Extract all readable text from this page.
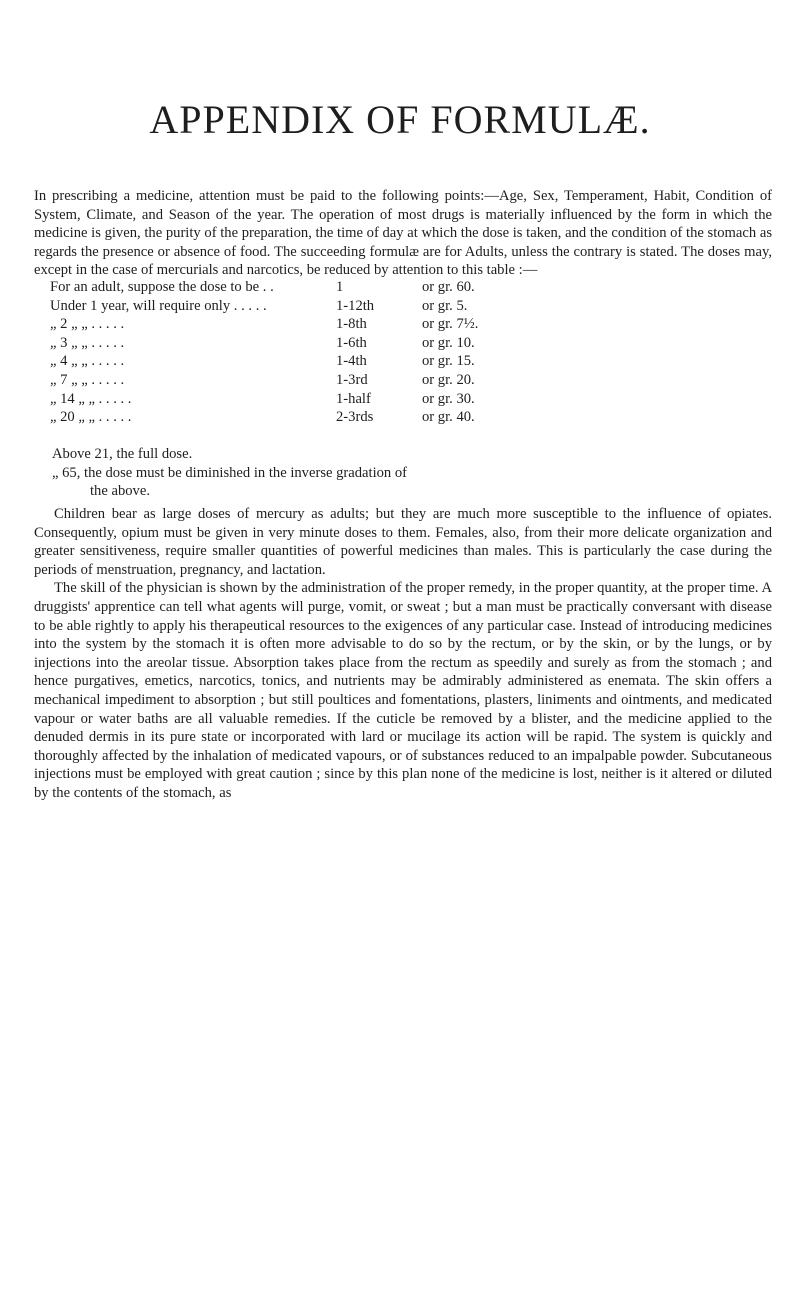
APPENDIX OF FORMULÆ.

In prescribing a medicine, attention must be paid to the following points:—Age, Sex, Temperament, Habit, Condition of System, Climate, and Season of the year. The operation of most drugs is materially influenced by the form in which the medicine is given, the purity of the preparation, the time of day at which the dose is taken, and the condition of the stomach as regards the presence or absence of food. The succeeding formulæ are for Adults, unless the contrary is stated. The doses may, except in the case of mercurials and narcotics, be reduced by attention to this table :—

For an adult, suppose the dose to be . .	1	or gr. 60.
Under 1 year, will require only . . . . .	1-12th	or gr. 5.
„ 2 „ „ . . . . .	1-8th	or gr. 7½.
„ 3 „ „ . . . . .	1-6th	or gr. 10.
„ 4 „ „ . . . . .	1-4th	or gr. 15.
„ 7 „ „ . . . . .	1-3rd	or gr. 20.
„ 14 „ „ . . . . .	1-half	or gr. 30.
„ 20 „ „ . . . . .	2-3rds	or gr. 40.

Above 21, the full dose.

„ 65, the dose must be diminished in the inverse gradation of

the above.

Children bear as large doses of mercury as adults; but they are much more susceptible to the influence of opiates. Consequently, opium must be given in very minute doses to them. Females, also, from their more delicate organization and greater sensitiveness, require smaller quantities of powerful medicines than males. This is particularly the case during the periods of menstruation, pregnancy, and lactation.

The skill of the physician is shown by the administration of the proper remedy, in the proper quantity, at the proper time. A druggists' apprentice can tell what agents will purge, vomit, or sweat ; but a man must be practically conversant with disease to be able rightly to apply his therapeutical resources to the exigences of any particular case. Instead of introducing medicines into the system by the stomach it is often more advisable to do so by the rectum, or by the skin, or by the lungs, or by injections into the areolar tissue. Absorption takes place from the rectum as speedily and surely as from the stomach ; and hence purgatives, emetics, narcotics, tonics, and nutrients may be admirably administered as enemata. The skin offers a mechanical impediment to absorption ; but still poultices and fomentations, plasters, liniments and ointments, and medicated vapour or water baths are all valuable remedies. If the cuticle be removed by a blister, and the medicine applied to the denuded dermis in its pure state or incorporated with lard or mucilage its action will be rapid. The system is quickly and thoroughly affected by the inhalation of medicated vapours, or of substances reduced to an impalpable powder. Subcutaneous injections must be employed with great caution ; since by this plan none of the medicine is lost, neither is it altered or diluted by the contents of the stomach, as
